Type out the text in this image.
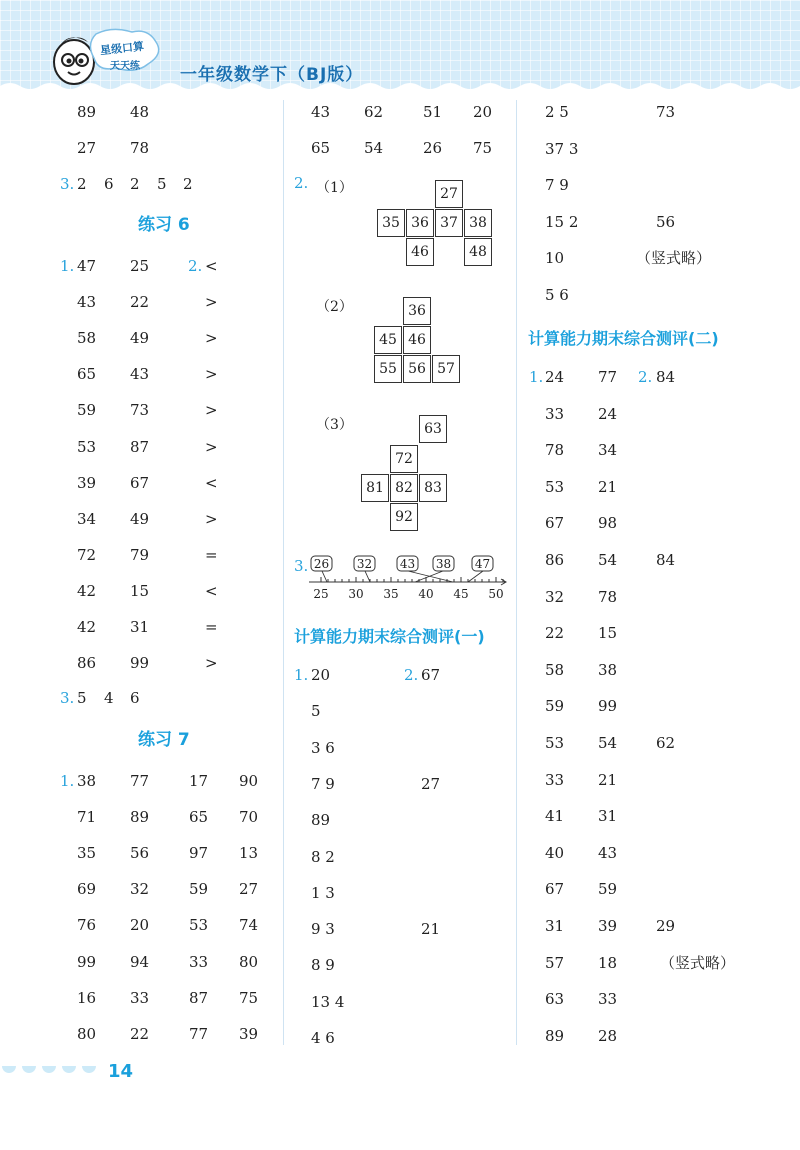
星级口算
天天练 一年级数学下（BJ版）
89 48
27 78
3. 2 6 2 5 2
练习 6
1.	2.
47 25	<
43 22	>
58 49	>
65 43	>
59 73	>
53 87	>
39 67	<
34 49	>
72 79	=
42 15	<
42 31	=
86 99	>
3. 5 4 6
练习 7
1. 38 77	17 90
71 89	65 70
35 56	97 13
69 32	59 27
76 20	53 74
99 94	33 80
16 33	87 75
80 22	77 39
43 62	51 20
65 54	26 75
2. （1）	27
35 36 37 38
46	48
（2）	36
45 46
55 56 57
（3）	63
72
81 82 83
92
3. 26 32 43 38 47
25 30 35 40 45 50
计算能力期末综合测评(一)
1.	2.
20	67
5
3 6
7 9	27
89
8 2
1 3
9 3	21
8 9
13 4
4 6
2 5	73
37 3
7 9
15 2	56
10	（竖式略）
5 6
计算能力期末综合测评(二)
1.	2.
24 77	84
33 24
78 34
53 21
67 98
86 54	84
32 78
22 15
58 38
59 99
53 54	62
33 21
41 31
40 43
67 59
31 39	29
57 18	（竖式略）
63 33
89 28
14
